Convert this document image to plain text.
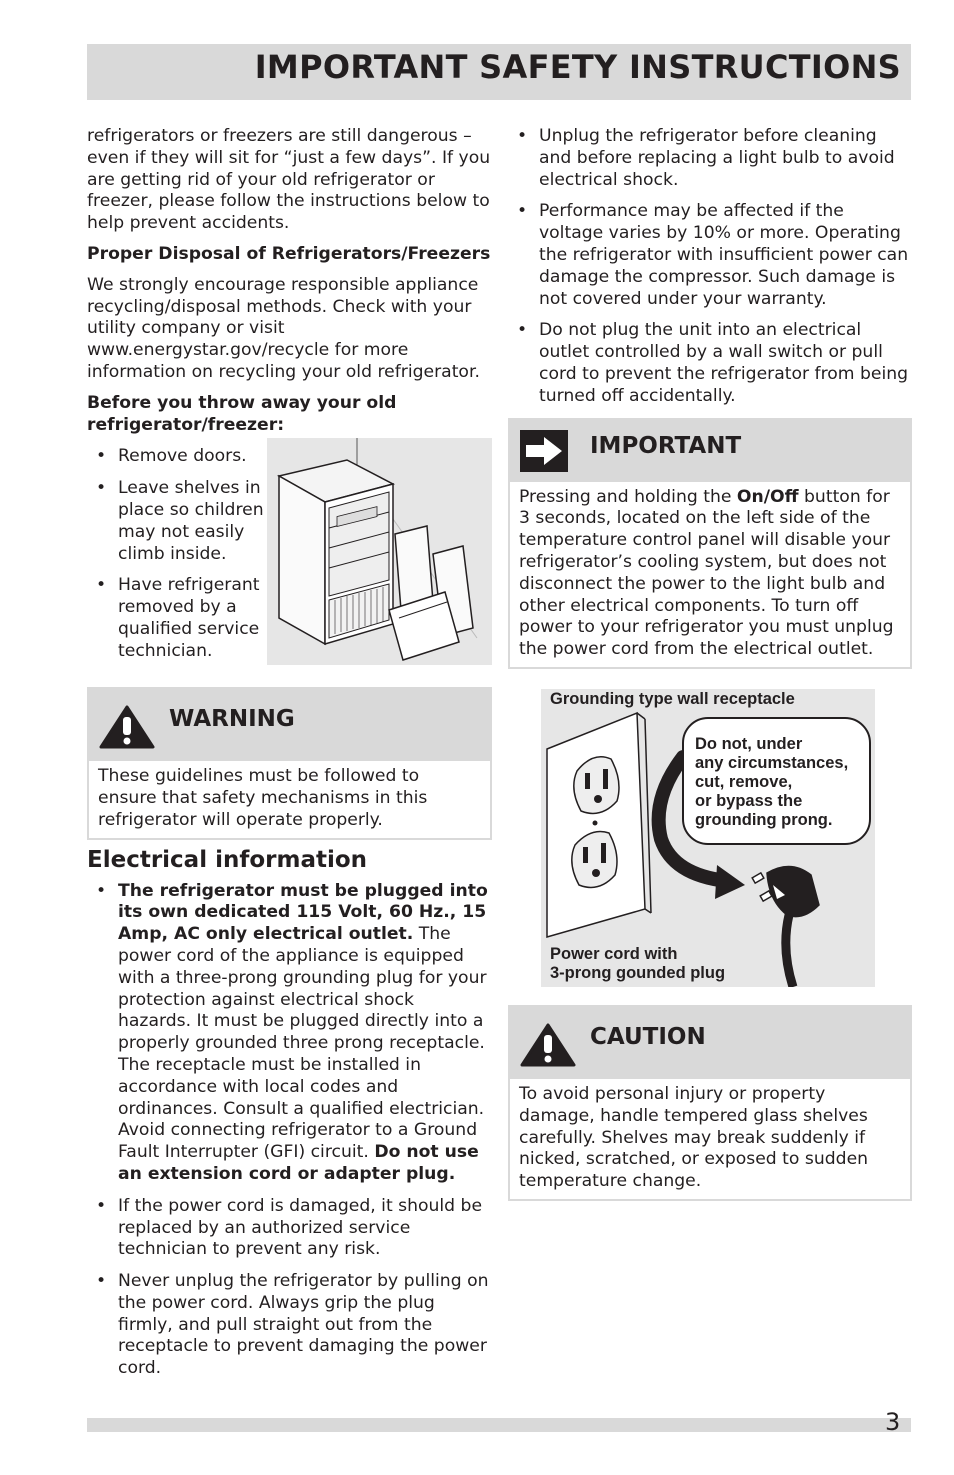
IMPORTANT SAFETY INSTRUCTIONS

refrigerators or freezers are still dangerous – even if they will sit for “just a few days”. If you are getting rid of your old refrigerator or freezer, please follow the instructions below to help prevent accidents.

Proper Disposal of Refrigerators/Freezers

We strongly encourage responsible appliance recycling/disposal methods. Check with your utility company or visit www.energystar.gov/recycle for more information on recycling your old refrigerator.

Before you throw away your old refrigerator/freezer:

• Remove doors.
• Leave shelves in place so children may not easily climb inside.
• Have refrigerant removed by a qualified service technician.
WARNING
These guidelines must be followed to ensure that safety mechanisms in this refrigerator will operate properly.
Electrical information
• The refrigerator must be plugged into its own dedicated 115 Volt, 60 Hz., 15 Amp, AC only electrical outlet. The power cord of the appliance is equipped with a three-prong grounding plug for your protection against electrical shock hazards. It must be plugged directly into a properly grounded three prong receptacle. The receptacle must be installed in accordance with local codes and ordinances. Consult a qualified electrician. Avoid connecting refrigerator to a Ground Fault Interrupter (GFI) circuit. Do not use an extension cord or adapter plug.
• If the power cord is damaged, it should be replaced by an authorized service technician to prevent any risk.
• Never unplug the refrigerator by pulling on the power cord. Always grip the plug firmly, and pull straight out from the receptacle to prevent damaging the power cord.
• Unplug the refrigerator before cleaning and before replacing a light bulb to avoid electrical shock.
• Performance may be affected if the voltage varies by 10% or more. Operating the refrigerator with insufficient power can damage the compressor. Such damage is not covered under your warranty.
• Do not plug the unit into an electrical outlet controlled by a wall switch or pull cord to prevent the refrigerator from being turned off accidentally.
IMPORTANT
Pressing and holding the On/Off button for 3 seconds, located on the left side of the temperature control panel will disable your refrigerator’s cooling system, but does not disconnect the power to the light bulb and other electrical components. To turn off power to your refrigerator you must unplug the power cord from the electrical outlet.
Grounding type wall receptacle
Do not, under
any circumstances,
cut, remove,
or bypass the
grounding prong.
Power cord with
3-prong gounded plug
CAUTION
To avoid personal injury or property damage, handle tempered glass shelves carefully. Shelves may break suddenly if nicked, scratched, or exposed to sudden temperature change.
3
